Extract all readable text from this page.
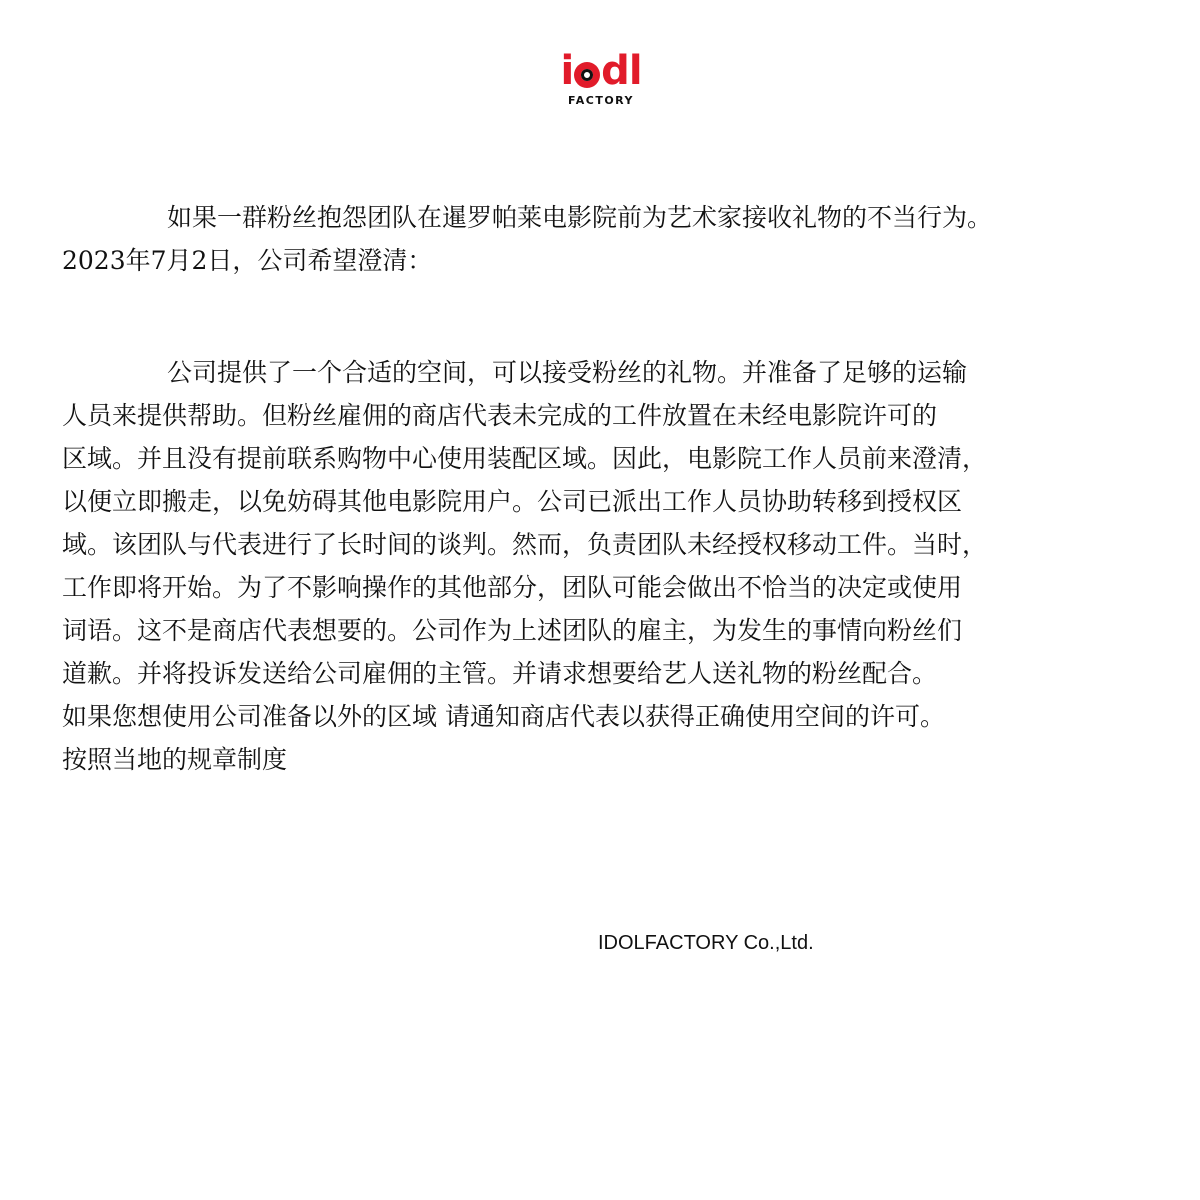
i d l
FACTORY
如果一群粉丝抱怨团队在暹罗帕莱电影院前为艺术家接收礼物的不当行为。
2023年7月2日，公司希望澄清：
公司提供了一个合适的空间，可以接受粉丝的礼物。并准备了足够的运输
人员来提供帮助。但粉丝雇佣的商店代表未完成的工件放置在未经电影院许可的
区域。并且没有提前联系购物中心使用装配区域。因此，电影院工作人员前来澄清，
以便立即搬走，以免妨碍其他电影院用户。公司已派出工作人员协助转移到授权区
域。该团队与代表进行了长时间的谈判。然而，负责团队未经授权移动工件。当时，
工作即将开始。为了不影响操作的其他部分，团队可能会做出不恰当的决定或使用
词语。这不是商店代表想要的。公司作为上述团队的雇主，为发生的事情向粉丝们
道歉。并将投诉发送给公司雇佣的主管。并请求想要给艺人送礼物的粉丝配合。
如果您想使用公司准备以外的区域 请通知商店代表以获得正确使用空间的许可。
按照当地的规章制度
IDOLFACTORY Co.,Ltd.
